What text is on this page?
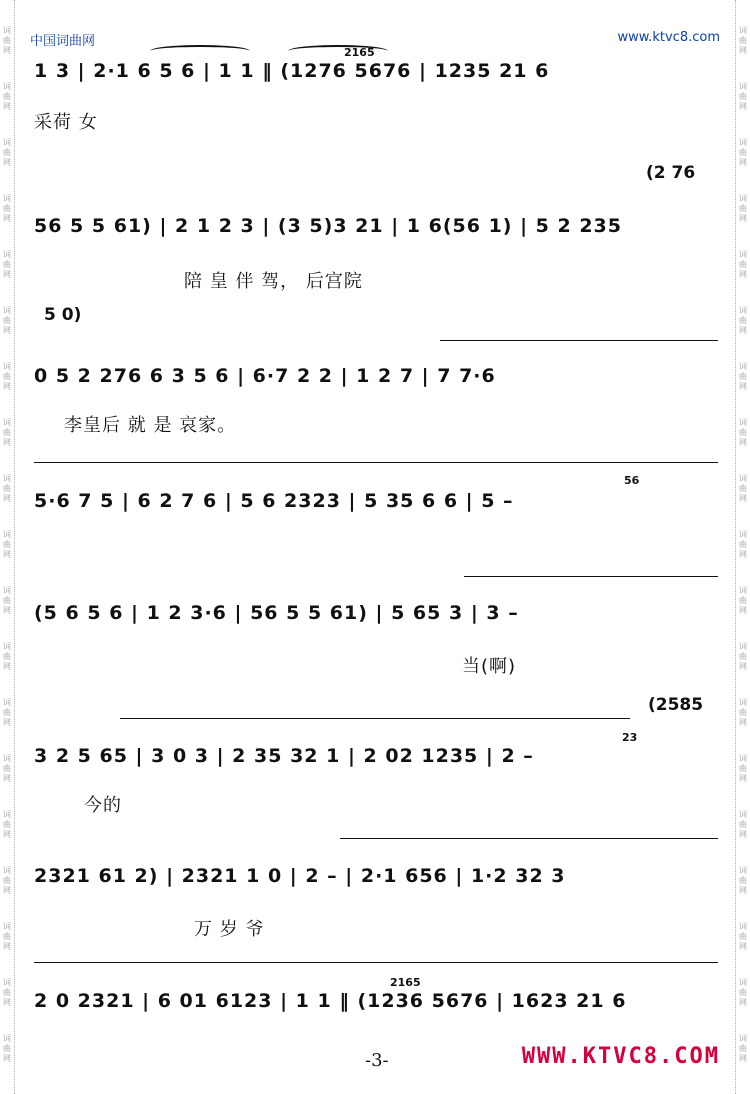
词
曲
网
词
曲
网
词
曲
网
词
曲
网
词
曲
网
词
曲
网
词
曲
网
词
曲
网
词
曲
网
词
曲
网
词
曲
网
词
曲
网
词
曲
网
词
曲
网
词
曲
网
词
曲
网
词
曲
网
词
曲
网
词
曲
网
词
曲
网
词
曲
网
词
曲
网
词
曲
网
词
曲
网
词
曲
网
词
曲
网
词
曲
网
词
曲
网
词
曲
网
词
曲
网
词
曲
网
词
曲
网
词
曲
网
词
曲
网
词
曲
网
词
曲
网
词
曲
网
词
曲
网
中国词曲网	www.ktvc8.com
2165
1 3 | 2·1 6 5 6 | 1 1 ‖ (1276 5676 | 1235 21 6
采荷 女
(2 76
56 5 5 61) | 2 1 2 3 | (3 5)3 21 | 1 6(56 1) | 5 2 235
陪 皇 伴 驾， 后宫院
5 0)
0 5 2 276 6 3 5 6 | 6·7 2 2 | 1 2 7 | 7 7·6
李皇后 就 是 哀家。
56
5·6 7 5 | 6 2 7 6 | 5 6 2323 | 5 35 6 6 | 5 –
(5 6 5 6 | 1 2 3·6 | 56 5 5 61) | 5 65 3 | 3 –
当(啊)
(2585
23
3 2 5 65 | 3 0 3 | 2 35 32 1 | 2 02 1235 | 2 –
今的
2321 61 2) | 2321 1 0 | 2 – | 2·1 656 | 1·2 32 3
万 岁 爷
2165
2 0 2321 | 6 01 6123 | 1 1 ‖ (1236 5676 | 1623 21 6
-3-	WWW.KTVC8.COM
